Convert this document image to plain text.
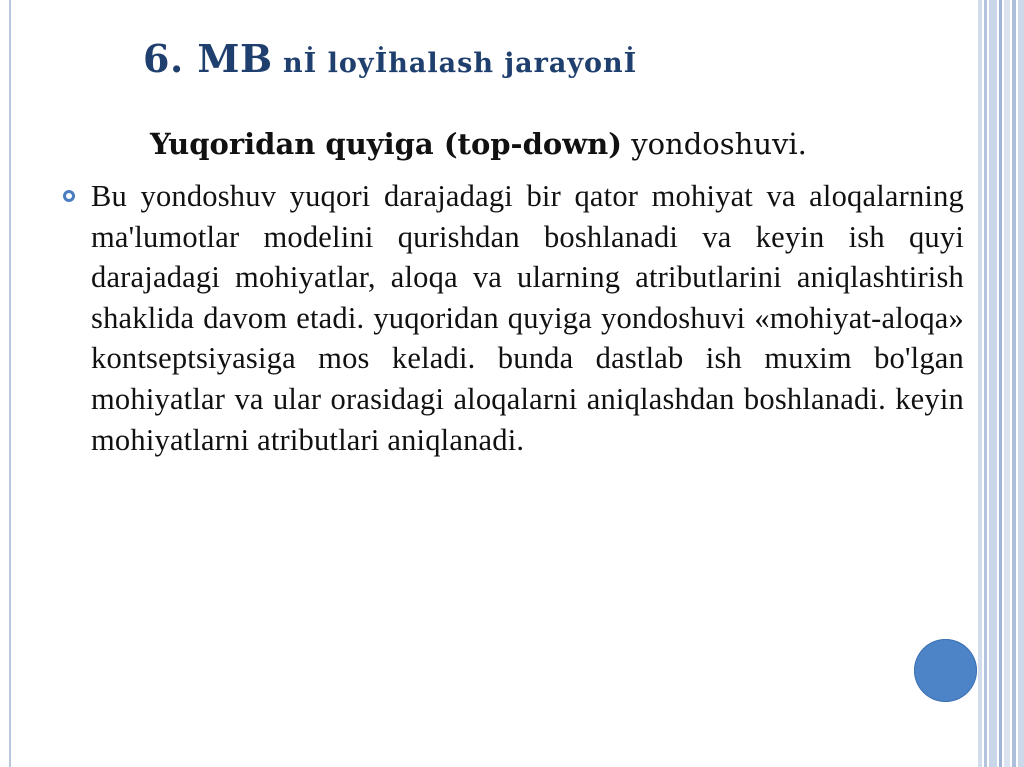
6. MB nİ loyİhalash jarayonİ

Yuqoridan quyiga (top-down) yondoshuvi.

Bu yondoshuv yuqori darajadagi bir qator mohiyat va aloqalarning ma'lumotlar modelini qurishdan boshlanadi va keyin ish quyi darajadagi mohiyatlar, aloqa va ularning atributlarini aniqlashtirish shaklida davom etadi. yuqoridan quyiga yondoshuvi «mohiyat-aloqa» kontseptsiyasiga mos keladi. bunda dastlab ish muxim bo'lgan mohiyatlar va ular orasidagi aloqalarni aniqlashdan boshlanadi. keyin mohiyatlarni atributlari aniqlanadi.
